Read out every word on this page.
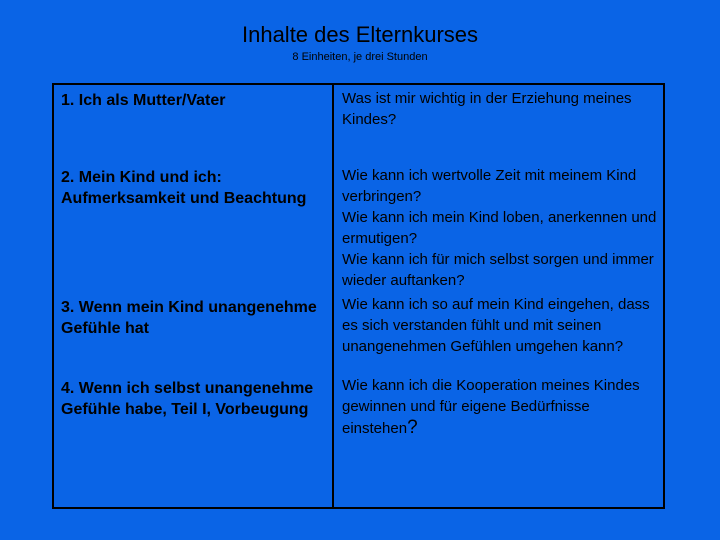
Inhalte des Elternkurses
8 Einheiten, je drei Stunden
1. Ich als Mutter/Vater	Was ist mir wichtig in der Erziehung meines Kindes?
2. Mein Kind und ich: Aufmerksamkeit und Beachtung
Wie kann ich wertvolle Zeit mit meinem Kind verbringen?
Wie kann ich mein Kind loben, anerkennen und ermutigen?
Wie kann ich für mich selbst sorgen und immer wieder auftanken?
3. Wenn mein Kind unangenehme Gefühle hat
Wie kann ich so auf mein Kind eingehen, dass es sich verstanden fühlt und mit seinen unangenehmen Gefühlen umgehen kann?
4. Wenn ich selbst unangenehme Gefühle habe, Teil I, Vorbeugung
Wie kann ich die Kooperation meines Kindes gewinnen und für eigene Bedürfnisse einstehen?
